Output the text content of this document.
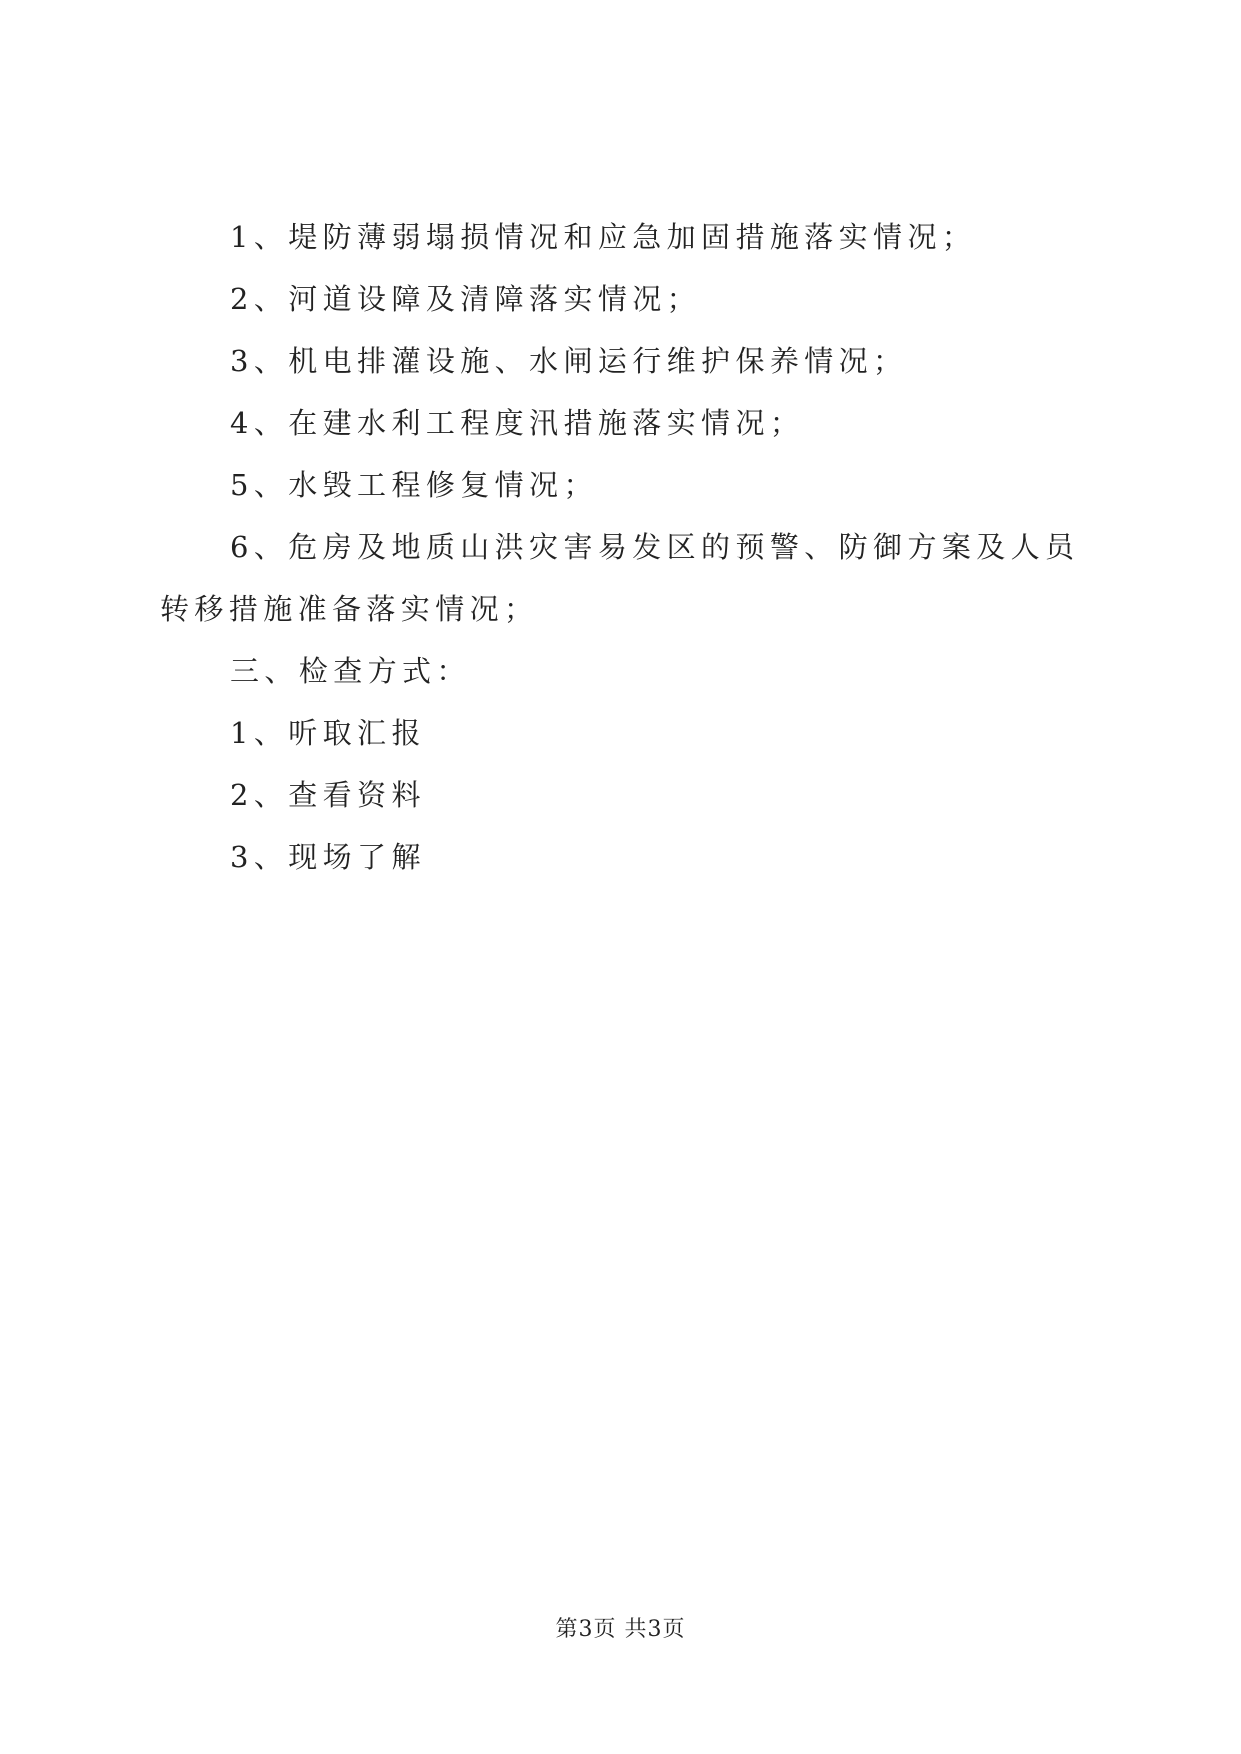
1、堤防薄弱塌损情况和应急加固措施落实情况；

2、河道设障及清障落实情况；

3、机电排灌设施、水闸运行维护保养情况；

4、在建水利工程度汛措施落实情况；

5、水毁工程修复情况；

6、危房及地质山洪灾害易发区的预警、防御方案及人员转移措施准备落实情况；

三、检查方式：

1、听取汇报

2、查看资料

3、现场了解

第3页 共3页
